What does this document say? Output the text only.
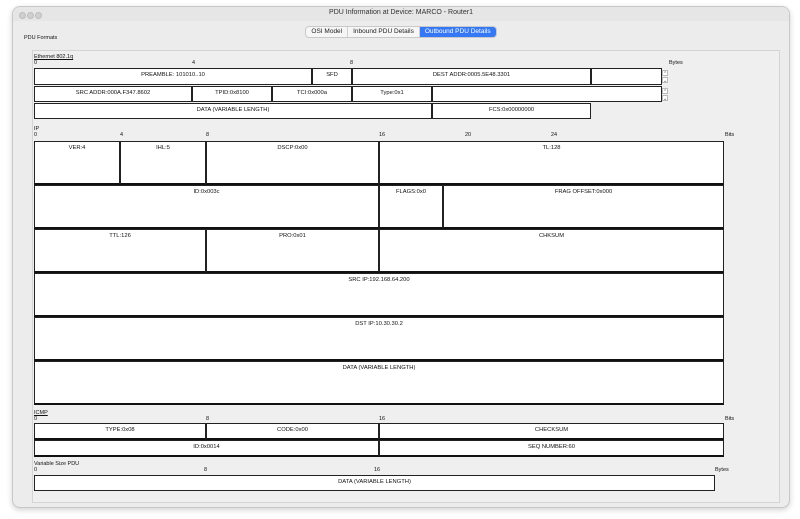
PDU Information at Device: MARCO - Router1
OSI Model	Inbound PDU Details	Outbound PDU Details
PDU Formats
Ethernet 802.1q
0	4	8	Bytes
PREAMBLE: 101010..10	SFD	DEST ADDR:0005.5E48.3301	⌃
⌄
SRC ADDR:000A.F347.8602	TPID:0x8100	TCI:0x000a	Type:0x1	⌃
⌄
DATA (VARIABLE LENGTH)	FCS:0x00000000
IP
0	4	8	16	20	24	Bits
VER:4	IHL:5	DSCP:0x00	TL:128
ID:0x003c	FLAGS:0x0	FRAG OFFSET:0x000
TTL:126	PRO:0x01	CHKSUM
SRC IP:192.168.64.200
DST IP:10.30.30.2
DATA (VARIABLE LENGTH)
ICMP
0	8	16	Bits
TYPE:0x08	CODE:0x00	CHECKSUM
ID:0x0014	SEQ NUMBER:60
Variable Size PDU
0	8	16	Bytes
DATA (VARIABLE LENGTH)
